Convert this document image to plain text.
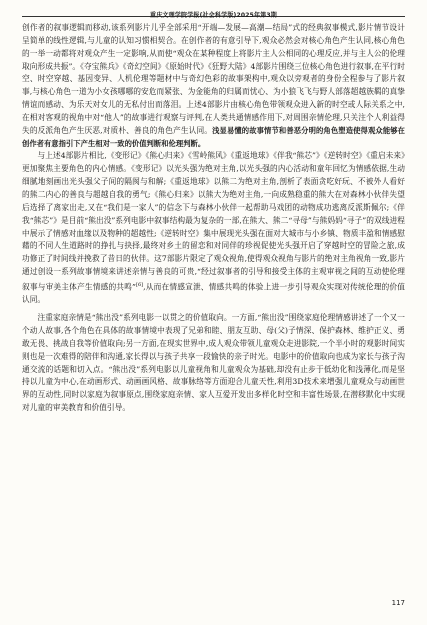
重庆文理学院学报(社会科学版)2025年第3期

创作者的叙事逻辑而移动,该系列影片儿乎全部采用“开端—发展—高潮—结局”式的经典叙事模式,影片情节设计呈简单的线性逻辑,与儿童的认知习惯相契合。在创作者的有意引导下,观众必然会对核心角色产生认同,核心角色的一举一动都将对观众产生一定影响,从而使“观众在某种程度上将影片主人公相同的心理反应,并与主人公的伦理取向形成共振”。《夺宝熊兵》《奇幻空间》《原始时代》《狂野大陆》4部影片围绕三位核心角色进行叙事,在平行时空、时空穿越、基因变异、人机伦理等题材中与奇幻色彩的故事架构中,观众以旁观者的身份全程参与了影片叙事,与核心角色一道为小女孩哪哪的安危而紧张、为金能角的归属而忧心、为小狼飞飞与野人部落超越族羁的真挚情谊而感动、为乐天对女儿的无私付出而落泪。上述4部影片由核心角色带领观众进入新的时空或人际关系之中,在相对客观的视角中对“他人”的故事进行观察与评判,在人类共通情感作用下,对周围亲情伦理,只关注个人利益得失的反派角色产生厌恶,对质朴、善良的角色产生认同。浅显易懂的故事情节和善恶分明的角色塑造使得观众能够在创作者有意指引下产生相对一致的价值判断和伦理判断。

与上述4部影片相比,《变形记》《熊心归来》《雪岭熊风》《重返地球》《伴我“熊芯”》《逆转时空》《重启未来》更加聚焦主要角色的内心情感。《变形记》以光头强为绝对主角,以光头强的内心活动和童年回忆为情感依据,生动细腻地刻画出光头强父子间的隔阂与和解;《重返地球》以熊二为绝对主角,剖析了表面贪吃好玩、不被外人看好的熊二内心的善良与超越自我的勇气;《熊心归来》以熊大为绝对主角,一向成熟稳重的熊大在对森林小伙伴失望后选择了离家出走,又在“我们是一家人”的信念下与森林小伙伴一起帮助马戏团的动物成功逃离反派斯佩尔;《伴我“熊芯”》是目前“熊出没”系列电影中叙事结构最为复杂的一部,在熊大、熊二“寻母”与熊妈妈“寻子”的双线进程中展示了情感对血缘以及物种的超越性;《逆转时空》集中展现光头强在面对大城市与小乡镇、物质丰盈和情感慰藉的不同人生道路时的挣扎与抉择,最终对乡土的留恋和对同伴的珍视促使光头强开启了穿越时空的冒险之旅,成功修正了时间线并挽救了昔日的伙伴。这7部影片限定了观众视角,使得观众视角与影片的绝对主角视角一致,影片通过创设一系列故事情境来讲述亲情与善良的可贵,“经过叙事者的引导和接受主体的主观审视之间的互动使伦理叙事与审美主体产生情感的共鸣”[6],从而在情感宣泄、情感共鸣的体验上进一步引导观众实现对传统伦理的价值认同。

注重家庭亲情是“熊出没”系列电影一以贯之的价值取向。一方面,“熊出没”围绕家庭伦理情感讲述了一个又一个动人故事,各个角色在具体的故事情境中表现了兄弟和睦、朋友互助、母(父)子情深、保护森林、维护正义、勇敢无畏、挑战自我等价值取向;另一方面,在现实世界中,成人观众带领儿童观众走进影院,一个半小时的观影时间实则也是一次难得的陪伴和沟通,家长得以与孩子共享一段愉快的亲子时光。电影中的价值取向也成为家长与孩子沟通交流的话题和切入点。“熊出没”系列电影以儿童视角和儿童观众为基础,却没有止步于低幼化和浅薄化,而是坚持以儿童为中心,在动画形式、动画画风格、故事脉络等方面迎合儿童天性,利用3D技术来增强儿童观众与动画世界的互动性,同时以家庭为叙事原点,围绕家庭亲情、家人互爱开发出多样化时空和丰富性场景,在潜移默化中实现对儿童的审美教育和价值引导。

117
